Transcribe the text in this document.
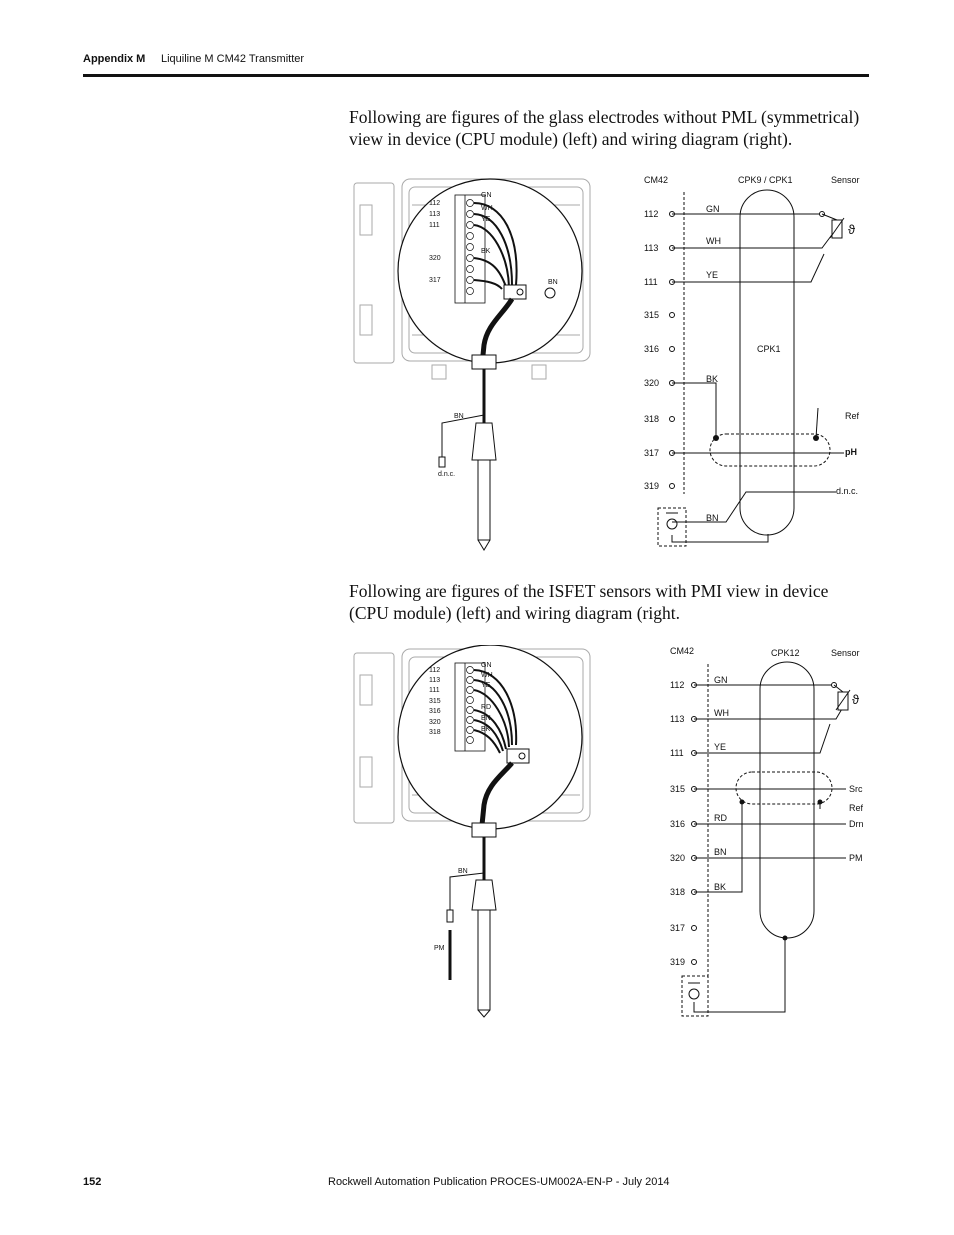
Appendix M Liquiline M CM42 Transmitter
Following are figures of the glass electrodes without PML (symmetrical) view in device (CPU module) (left) and wiring diagram (right).
112
113
111
320
317
GN
WH
YE
BK
BN
BN
d.n.c.
CM42	CPK9 / CPK1	Sensor
CPK1
112
113
111
315
316
320
318
317
319
GN
WH
YE
BK
BN
ϑ
Ref
pH
d.n.c.
Following are figures of the ISFET sensors with PMI view in device (CPU module) (left) and wiring diagram (right.
112
113
111
315
316
320
318
GN
WH
YE
RD
BN
BK
BN
PM
CM42	CPK12	Sensor
112
113
111
315
316
320
318
317
319
GN
WH
YE
RD
BN
BK
ϑ
Src
Ref
Drn
PM
152	Rockwell Automation Publication PROCES-UM002A-EN-P - July 2014
